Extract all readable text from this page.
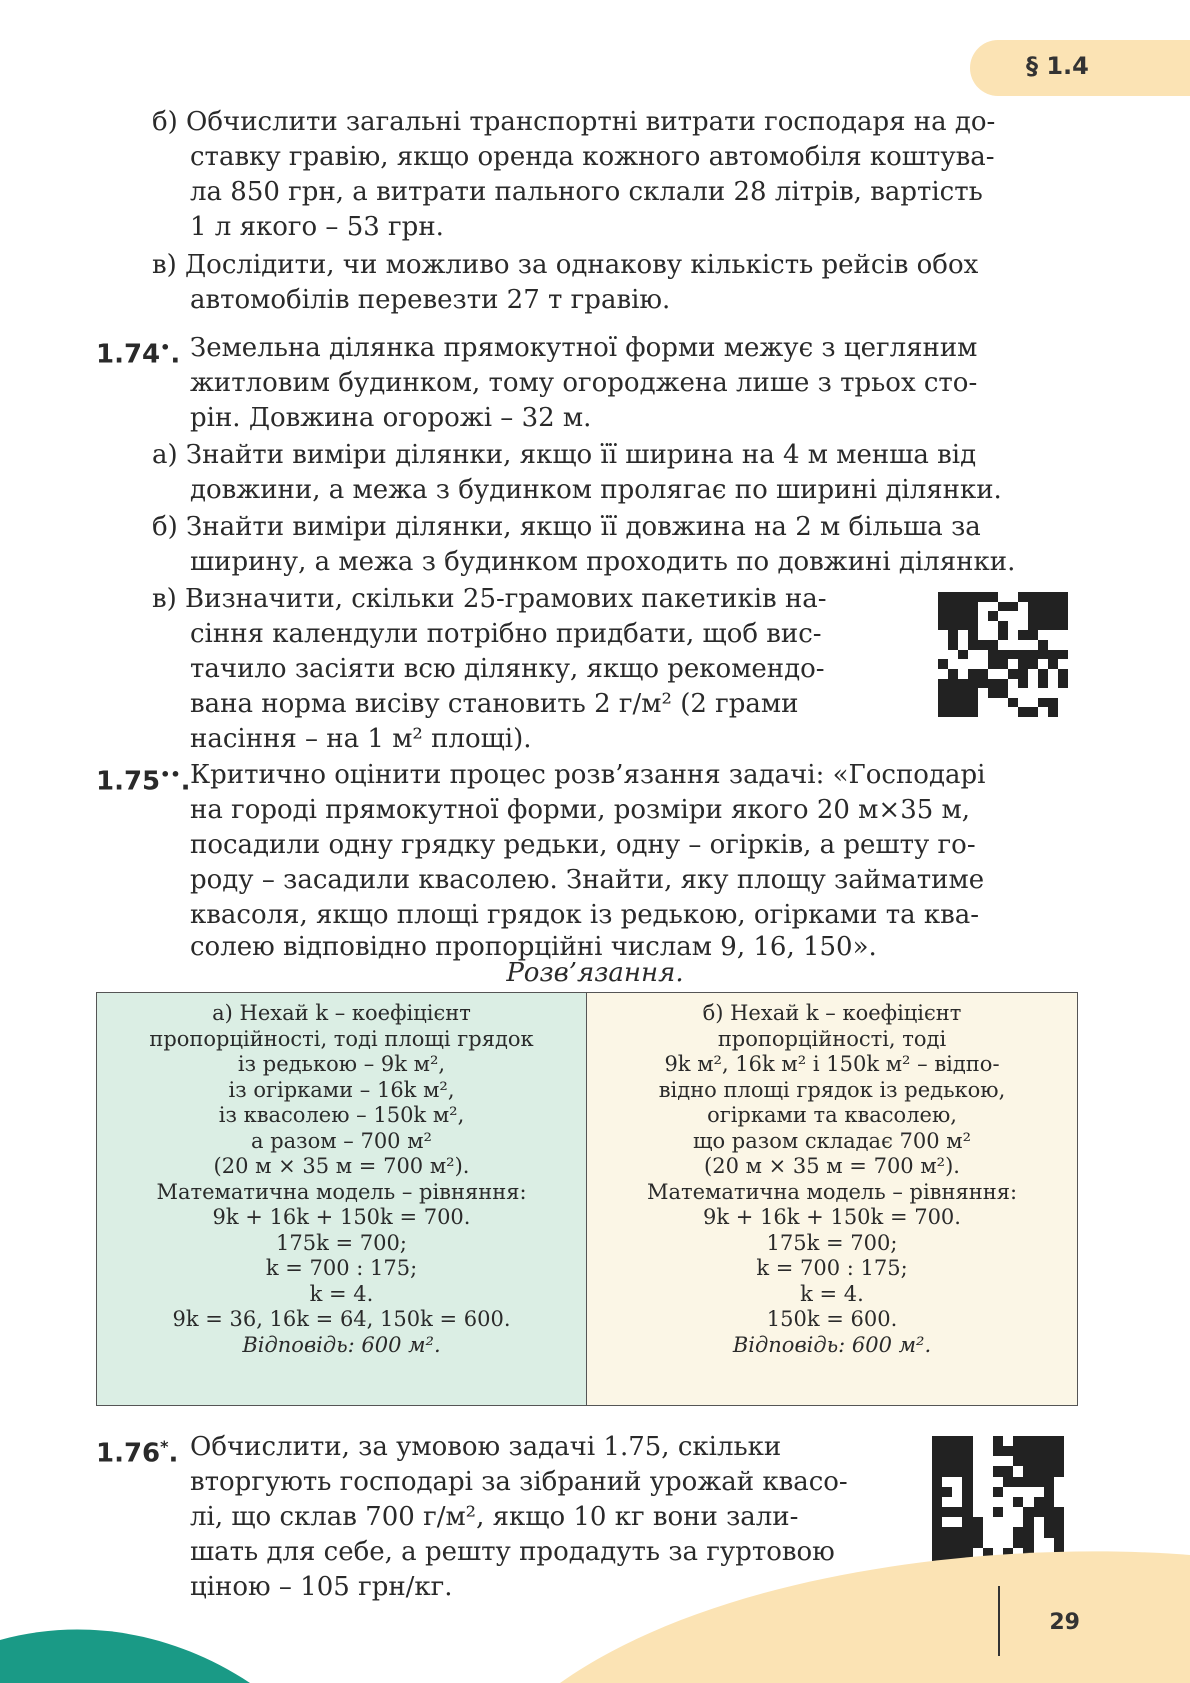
§ 1.4
б) Обчислити загальні транспортні витрати господаря на до-
ставку гравію, якщо оренда кожного автомобіля коштува-
ла 850 грн, а витрати пального склали 28 літрів, вартість
1 л якого – 53 грн.
в) Дослідити, чи можливо за однакову кількість рейсів обох
автомобілів перевезти 27 т гравію.
1.74•. Земельна ділянка прямокутної форми межує з цегляним
житловим будинком, тому огороджена лише з трьох сто-
рін. Довжина огорожі – 32 м.
а) Знайти виміри ділянки, якщо її ширина на 4 м менша від
довжини, а межа з будинком пролягає по ширині ділянки.
б) Знайти виміри ділянки, якщо її довжина на 2 м більша за
ширину, а межа з будинком проходить по довжині ділянки.
в) Визначити, скільки 25-грамових пакетиків на-
сіння календули потрібно придбати, щоб вис-
тачило засіяти всю ділянку, якщо рекомендо-
вана норма висіву становить 2 г/м² (2 грами
насіння – на 1 м² площі).
1.75••. Критично оцінити процес розв’язання задачі: «Господарі
на городі прямокутної форми, розміри якого 20 м×35 м,
посадили одну грядку редьки, одну – огірків, а решту го-
роду – засадили квасолею. Знайти, яку площу займатиме
квасоля, якщо площі грядок із редькою, огірками та ква-
солею відповідно пропорційні числам 9, 16, 150».
Розв’язання.
а) Нехай k – коефіцієнт
пропорційності, тоді площі грядок
із редькою – 9k м²,
із огірками – 16k м²,
із квасолею – 150k м²,
а разом – 700 м²
(20 м × 35 м = 700 м²).
Математична модель – рівняння:
9k + 16k + 150k = 700.
175k = 700;
k = 700 : 175;
k = 4.
9k = 36, 16k = 64, 150k = 600.
Відповідь: 600 м².
б) Нехай k – коефіцієнт
пропорційності, тоді
9k м², 16k м² і 150k м² – відпо-
відно площі грядок із редькою,
огірками та квасолею,
що разом складає 700 м²
(20 м × 35 м = 700 м²).
Математична модель – рівняння:
9k + 16k + 150k = 700.
175k = 700;
k = 700 : 175;
k = 4.
150k = 600.
Відповідь: 600 м².
1.76*. Обчислити, за умовою задачі 1.75, скільки
вторгують господарі за зібраний урожай квасо-
лі, що склав 700 г/м², якщо 10 кг вони зали-
шать для себе, а решту продадуть за гуртовою
ціною – 105 грн/кг.
29
